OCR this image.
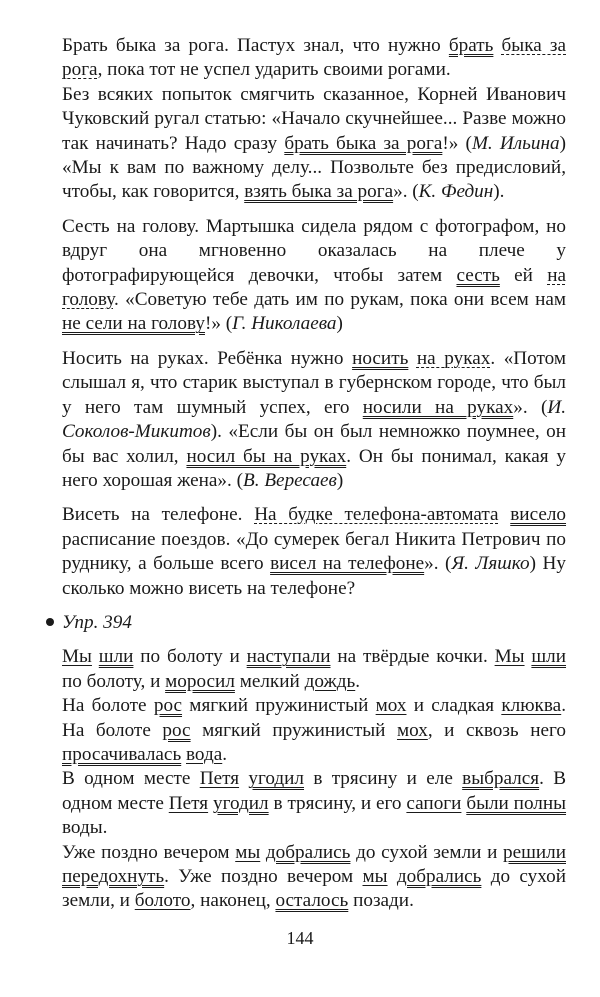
Брать быка за рога. Пастух знал, что нужно брать быка за рога, пока тот не успел ударить своими рогами.

Без всяких попыток смягчить сказанное, Корней Иванович Чуковский ругал статью: «Начало скучнейшее... Разве можно так начинать? Надо сразу брать быка за рога!» (М. Ильина) «Мы к вам по важному делу... Позвольте без предисловий, чтобы, как говорится, взять быка за рога». (К. Федин).

Сесть на голову. Мартышка сидела рядом с фотографом, но вдруг она мгновенно оказалась на плече у фотографирующейся девочки, чтобы затем сесть ей на голову. «Советую тебе дать им по рукам, пока они всем нам не сели на голову!» (Г. Николаева)

Носить на руках. Ребёнка нужно носить на руках. «Потом слышал я, что старик выступал в губернском городе, что был у него там шумный успех, его носили на руках». (И. Соколов-Микитов). «Если бы он был немножко поумнее, он бы вас холил, носил бы на руках. Он бы понимал, какая у него хорошая жена». (В. Вересаев)

Висеть на телефоне. На будке телефона-автомата висело расписание поездов. «До сумерек бегал Никита Петрович по руднику, а больше всего висел на телефоне». (Я. Ляшко) Ну сколько можно висеть на телефоне?

Упр. 394

Мы шли по болоту и наступали на твёрдые кочки. Мы шли по болоту, и моросил мелкий дождь.

На болоте рос мягкий пружинистый мох и сладкая клюква. На болоте рос мягкий пружинистый мох, и сквозь него просачивалась вода.

В одном месте Петя угодил в трясину и еле выбрался. В одном месте Петя угодил в трясину, и его сапоги были полны воды.

Уже поздно вечером мы добрались до сухой земли и решили передохнуть. Уже поздно вечером мы добрались до сухой земли, и болото, наконец, осталось позади.

144
